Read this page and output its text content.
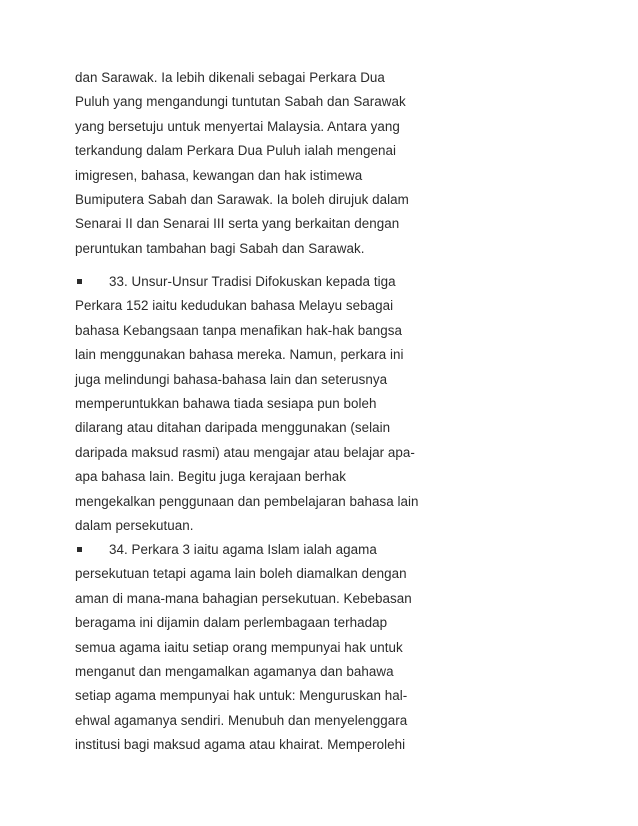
dan Sarawak. Ia lebih dikenali sebagai Perkara Dua
Puluh yang mengandungi tuntutan Sabah dan Sarawak
yang bersetuju untuk menyertai Malaysia. Antara yang
terkandung dalam Perkara Dua Puluh ialah mengenai
imigresen, bahasa, kewangan dan hak istimewa
Bumiputera Sabah dan Sarawak. Ia boleh dirujuk dalam
Senarai II dan Senarai III serta yang berkaitan dengan
peruntukan tambahan bagi Sabah dan Sarawak.
33. Unsur-Unsur Tradisi Difokuskan kepada tiga
Perkara 152 iaitu kedudukan bahasa Melayu sebagai
bahasa Kebangsaan tanpa menafikan hak-hak bangsa
lain menggunakan bahasa mereka. Namun, perkara ini
juga melindungi bahasa-bahasa lain dan seterusnya
memperuntukkan bahawa tiada sesiapa pun boleh
dilarang atau ditahan daripada menggunakan (selain
daripada maksud rasmi) atau mengajar atau belajar apa-
apa bahasa lain. Begitu juga kerajaan berhak
mengekalkan penggunaan dan pembelajaran bahasa lain
dalam persekutuan.
34. Perkara 3 iaitu agama Islam ialah agama
persekutuan tetapi agama lain boleh diamalkan dengan
aman di mana-mana bahagian persekutuan. Kebebasan
beragama ini dijamin dalam perlembagaan terhadap
semua agama iaitu setiap orang mempunyai hak untuk
menganut dan mengamalkan agamanya dan bahawa
setiap agama mempunyai hak untuk: Menguruskan hal-
ehwal agamanya sendiri. Menubuh dan menyelenggara
institusi bagi maksud agama atau khairat. Memperolehi
